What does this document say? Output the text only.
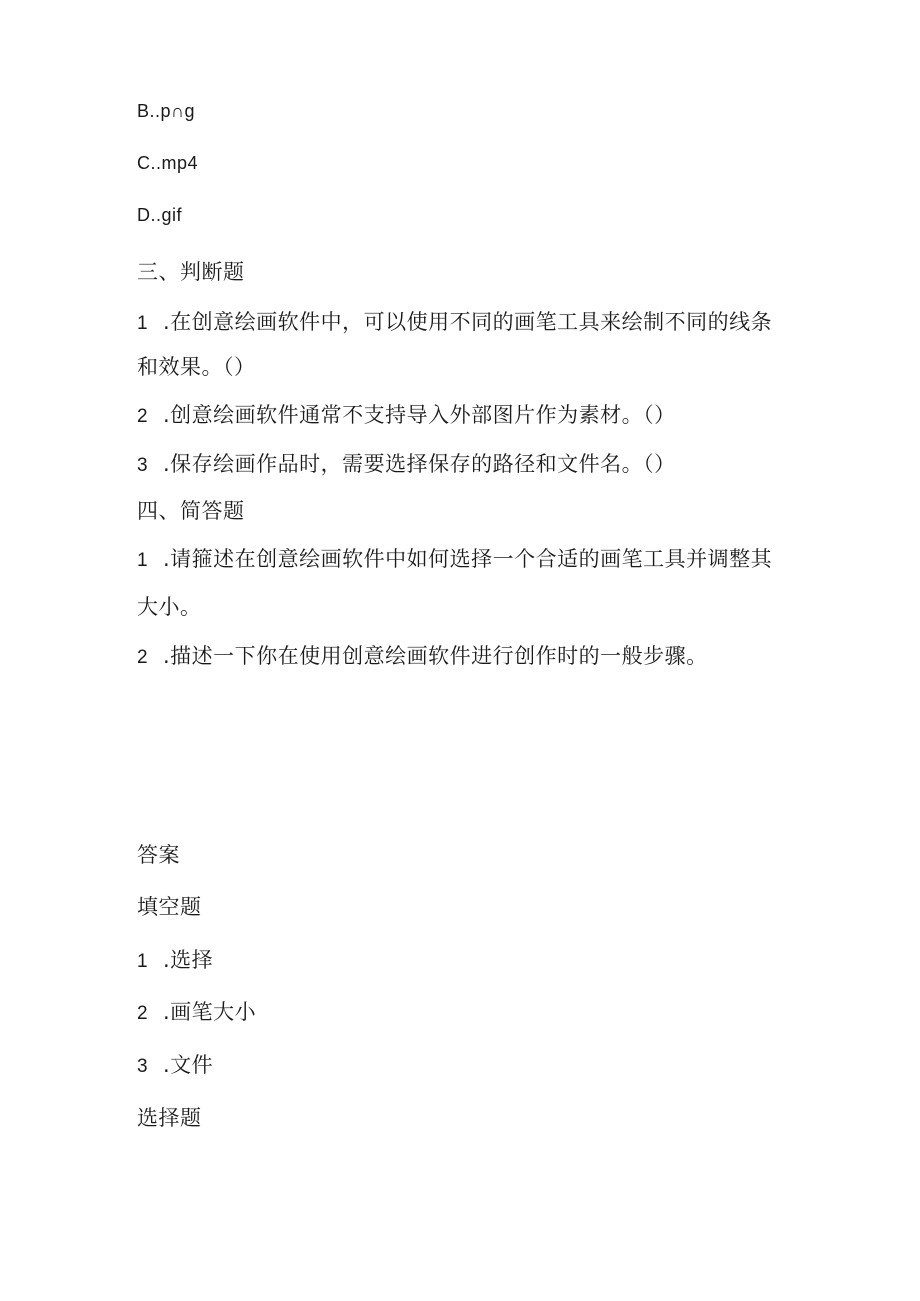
B..p∩g
C..mp4
D..gif
三、判断题
1 .在创意绘画软件中，可以使用不同的画笔工具来绘制不同的线条
和效果。（）
2 .创意绘画软件通常不支持导入外部图片作为素材。（）
3 .保存绘画作品时，需要选择保存的路径和文件名。（）
四、简答题
1 .请箍述在创意绘画软件中如何选择一个合适的画笔工具并调整其
大小。
2 .描述一下你在使用创意绘画软件进行创作时的一般步骤。
答案
填空题
1 .选择
2 .画笔大小
3 .文件
选择题
